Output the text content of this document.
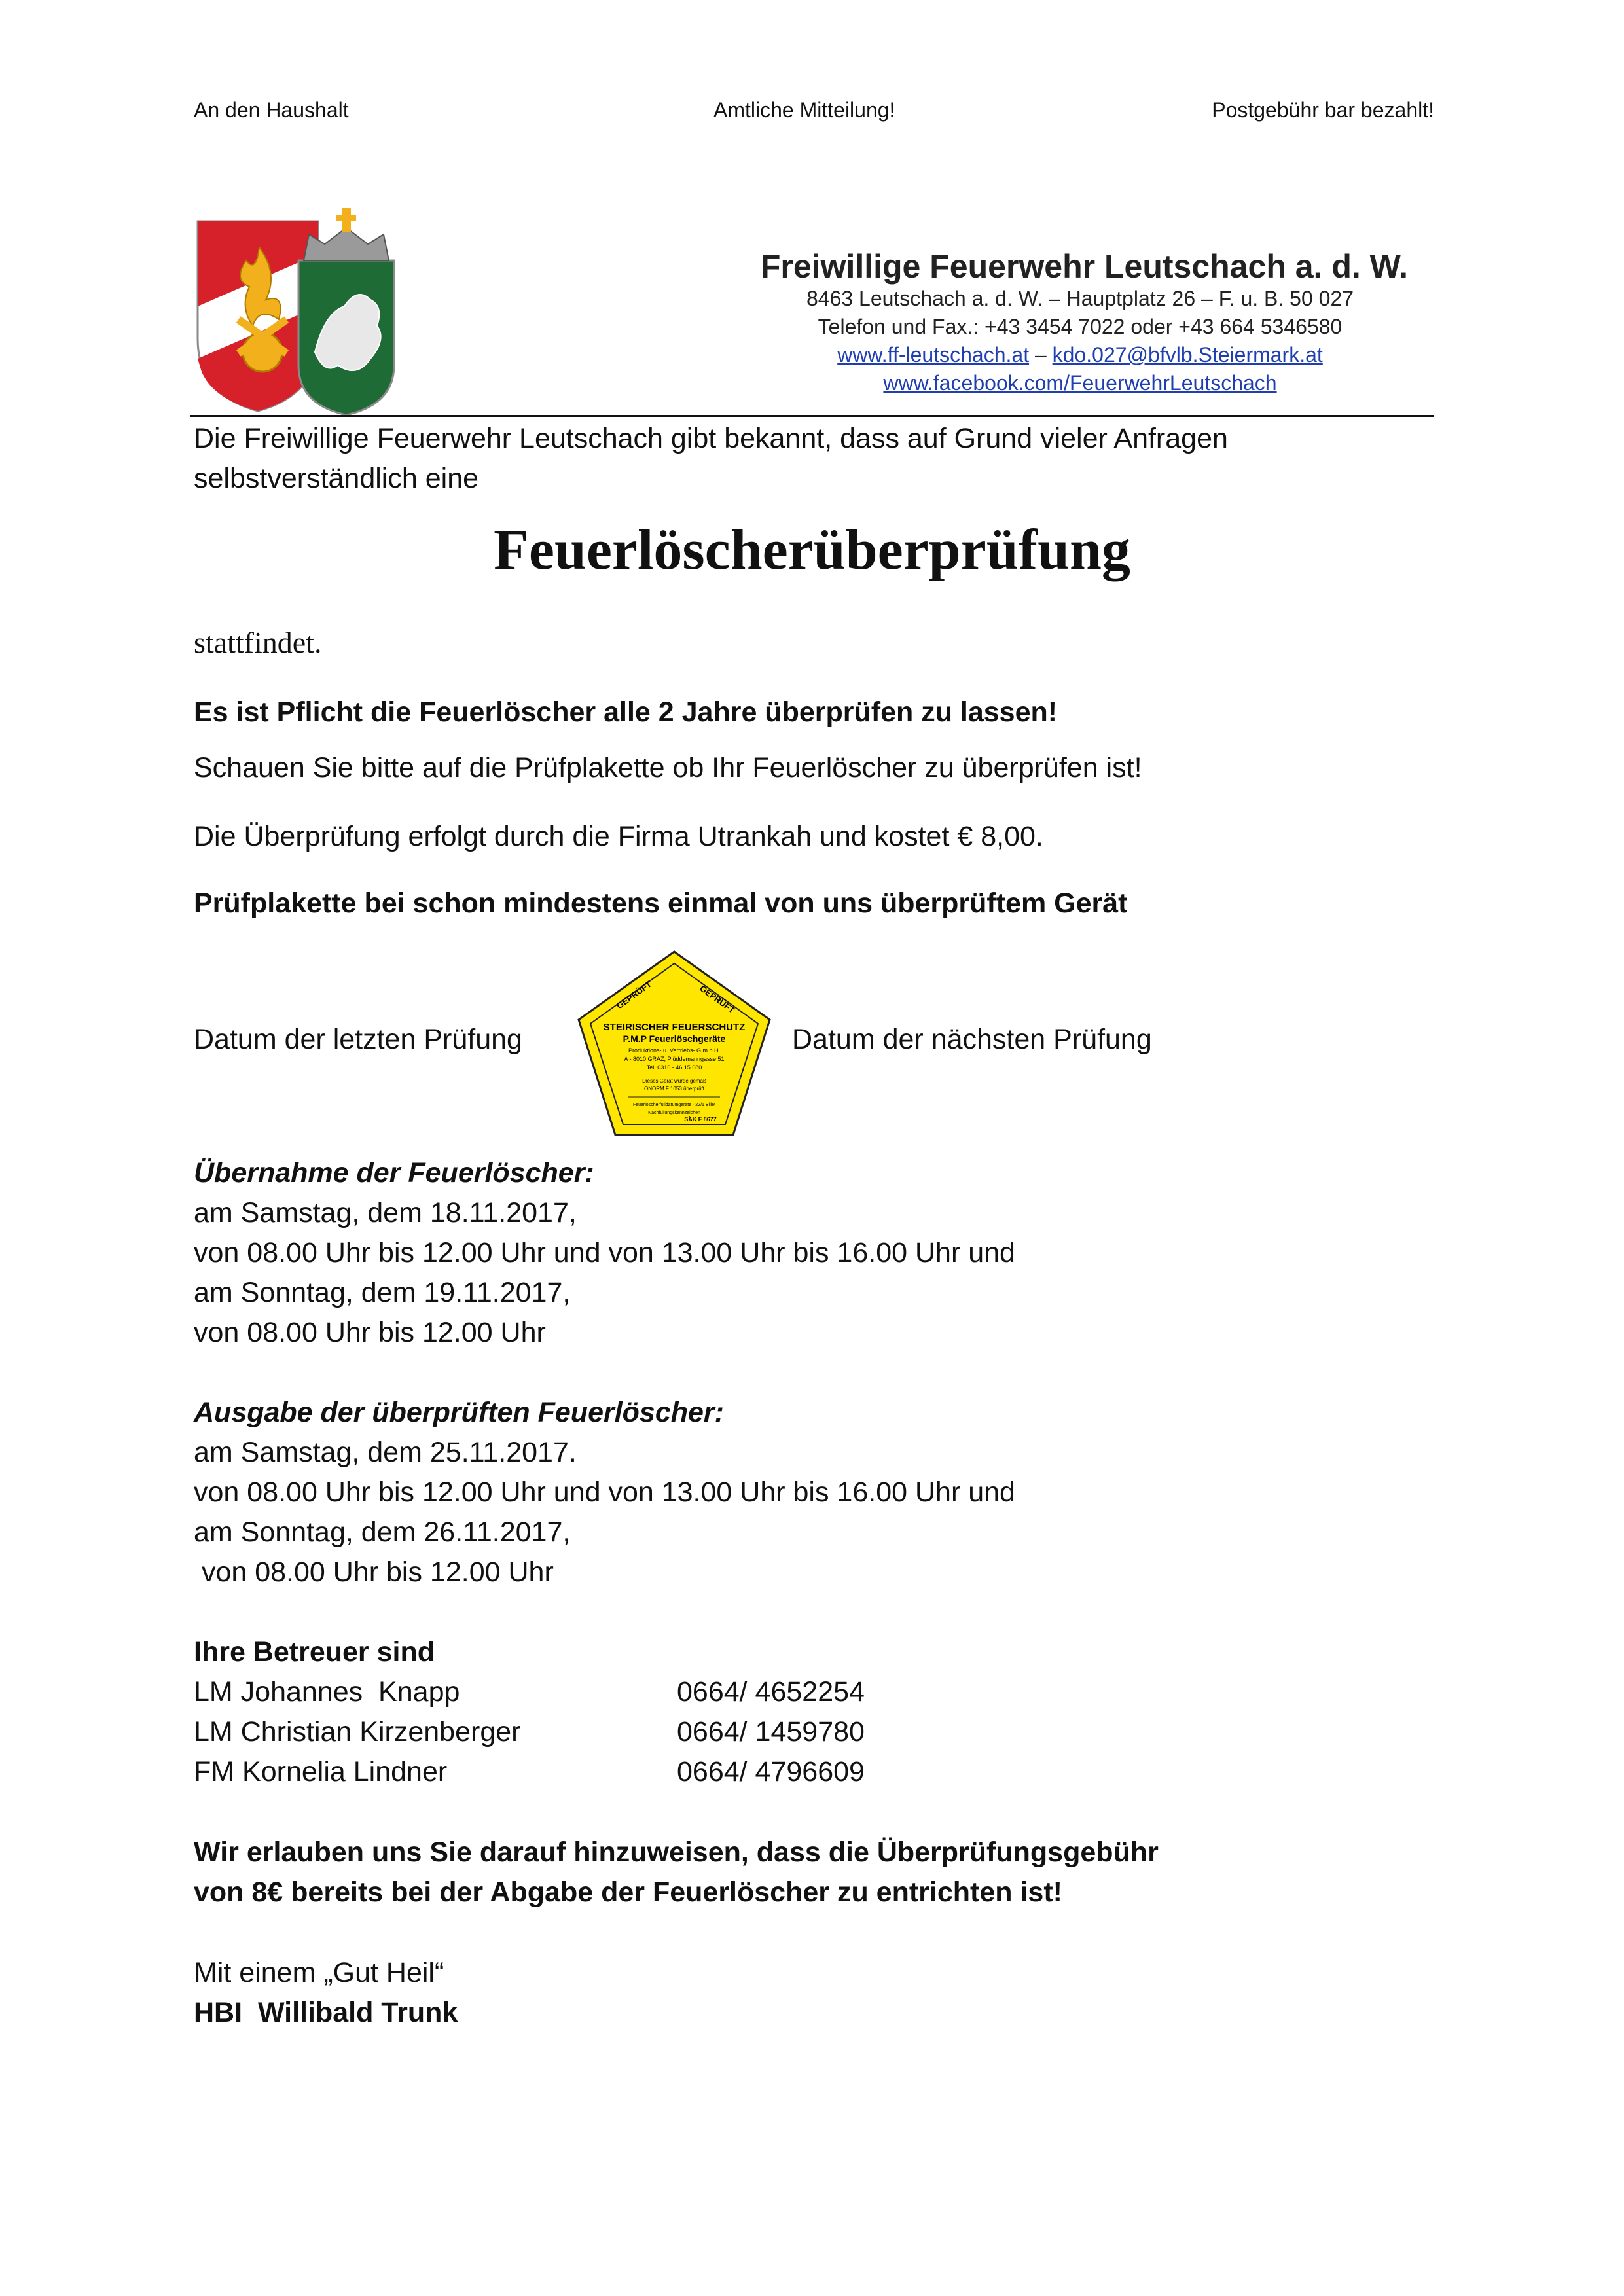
An den Haushalt	Amtliche Mitteilung!	Postgebühr bar bezahlt!
Freiwillige Feuerwehr Leutschach a. d. W.
8463 Leutschach a. d. W. – Hauptplatz 26 – F. u. B. 50 027
Telefon und Fax.: +43 3454 7022 oder +43 664 5346580
www.ff-leutschach.at – kdo.027@bfvlb.Steiermark.at
www.facebook.com/FeuerwehrLeutschach
Die Freiwillige Feuerwehr Leutschach gibt bekannt, dass auf Grund vieler Anfragen
selbstverständlich eine
Feuerlöscherüberprüfung
stattfindet.
Es ist Pflicht die Feuerlöscher alle 2 Jahre überprüfen zu lassen!
Schauen Sie bitte auf die Prüfplakette ob Ihr Feuerlöscher zu überprüfen ist!
Die Überprüfung erfolgt durch die Firma Utrankah und kostet € 8,00.
Prüfplakette bei schon mindestens einmal von uns überprüftem Gerät
Datum der letzten Prüfung	Datum der nächsten Prüfung
GEPRÜFT	GEPRÜFT
STEIRISCHER FEUERSCHUTZ
P.M.P Feuerlöschgeräte
Produktions- u. Vertriebs- G.m.b.H.
A - 8010 GRAZ, Plüddemanngasse 51
Tel. 0316 - 46 15 680
Dieses Gerät wurde gemäß
ÖNORM F 1053 überprüft
Feuerlöscherfülldatumgeräte · 22/1 Billet
Nachfüllungskennzeichen
SÄK F 8677
Übernahme der Feuerlöscher:
am Samstag, dem 18.11.2017,
von 08.00 Uhr bis 12.00 Uhr und von 13.00 Uhr bis 16.00 Uhr und
am Sonntag, dem 19.11.2017,
von 08.00 Uhr bis 12.00 Uhr
Ausgabe der überprüften Feuerlöscher:
am Samstag, dem 25.11.2017.
von 08.00 Uhr bis 12.00 Uhr und von 13.00 Uhr bis 16.00 Uhr und
am Sonntag, dem 26.11.2017,
von 08.00 Uhr bis 12.00 Uhr
Ihre Betreuer sind
LM Johannes  Knapp	0664/ 4652254
LM Christian Kirzenberger	0664/ 1459780
FM Kornelia Lindner	0664/ 4796609
Wir erlauben uns Sie darauf hinzuweisen, dass die Überprüfungsgebühr
von 8€ bereits bei der Abgabe der Feuerlöscher zu entrichten ist!
Mit einem „Gut Heil“
HBI  Willibald Trunk
